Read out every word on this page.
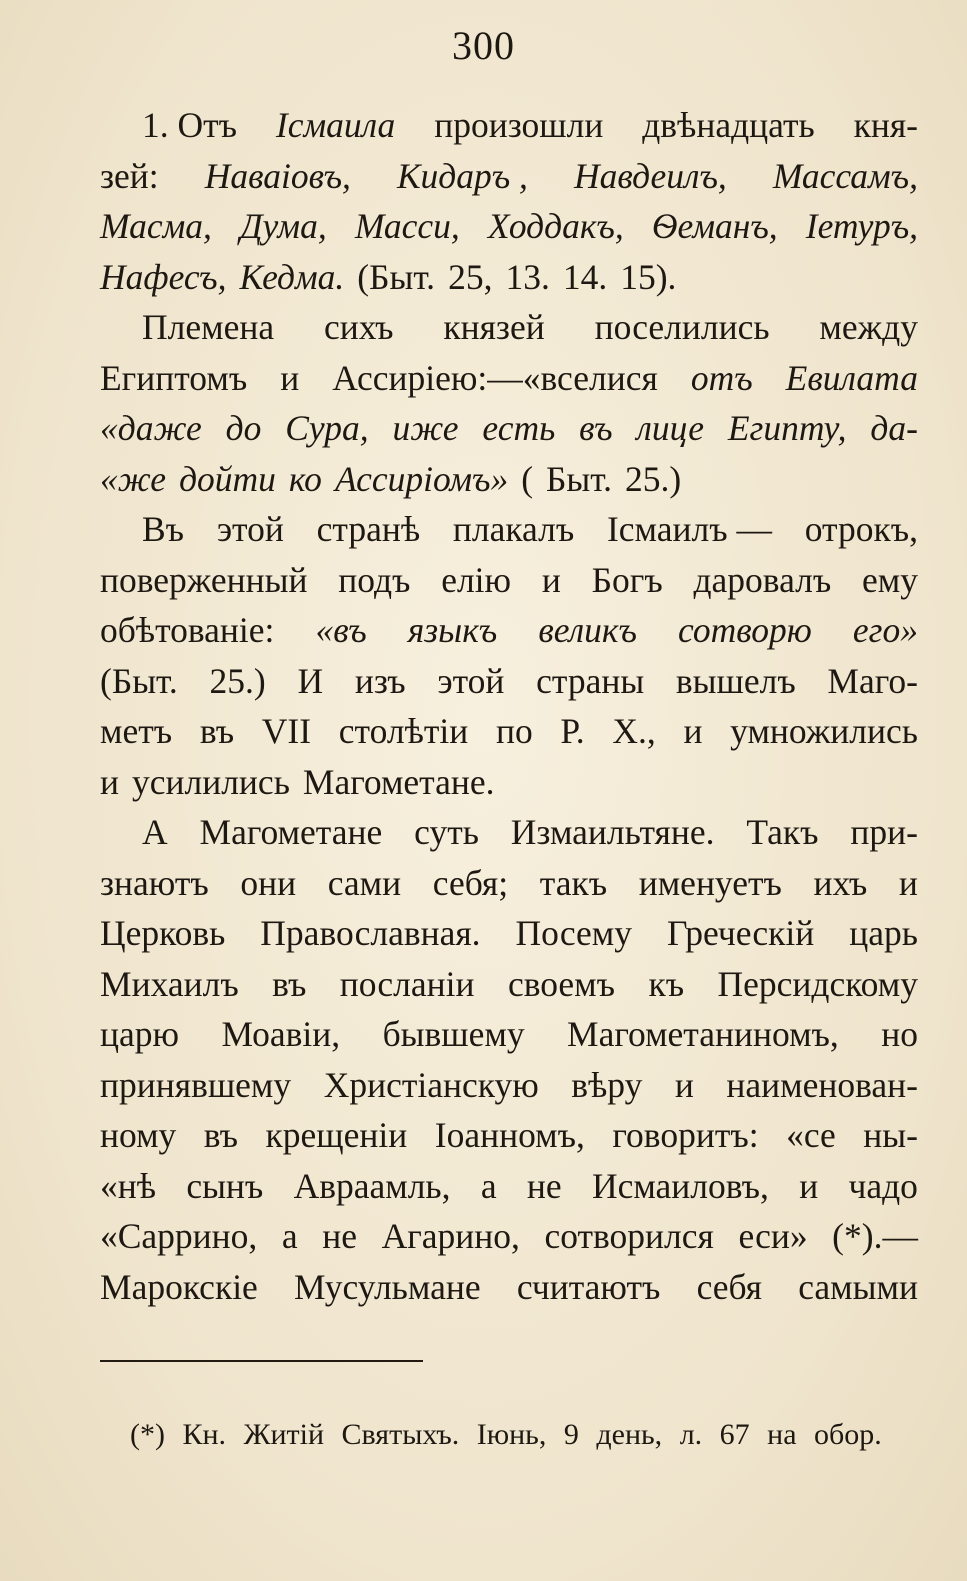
300
1. Отъ Iсмаила произошли двѣнадцать кня-
зей: Наваiовъ, Кидаръ , Навдеилъ, Массамъ,
Масма, Дума, Масси, Ходдакъ, Ѳеманъ, Iетуръ,
Нафесъ, Кедма. (Быт. 25, 13. 14. 15).
Племена сихъ князей поселились между
Египтомъ и Ассирiею:—«вселися отъ Евилата
«даже до Сура, иже есть въ лице Египту, да-
«же дойти ко Ассирiомъ» ( Быт. 25.)
Въ этой странѣ плакалъ Iсмаилъ — отрокъ,
поверженный подъ елiю и Богъ даровалъ ему
обѣтованiе: «въ языкъ великъ сотворю его»
(Быт. 25.) И изъ этой страны вышелъ Маго-
метъ въ VII столѣтiи по Р. Х., и умножились
и усилились Магометане.
А Магометане суть Измаильтяне. Такъ при-
знаютъ они сами себя; такъ именуетъ ихъ и
Церковь Православная. Посему Греческiй царь
Михаилъ въ посланiи своемъ къ Персидскому
царю Моавiи, бывшему Магометаниномъ, но
принявшему Христiанскую вѣру и наименован-
ному въ крещенiи Iоанномъ, говоритъ: «се ны-
«нѣ сынъ Авраамль, а не Исмаиловъ, и чадо
«Саррино, а не Агарино, сотворился еси» (*).—
Марокскiе Мусульмане считаютъ себя самыми
(*) Кн. Житiй Святыхъ. Iюнь, 9 день, л. 67 на обор.
